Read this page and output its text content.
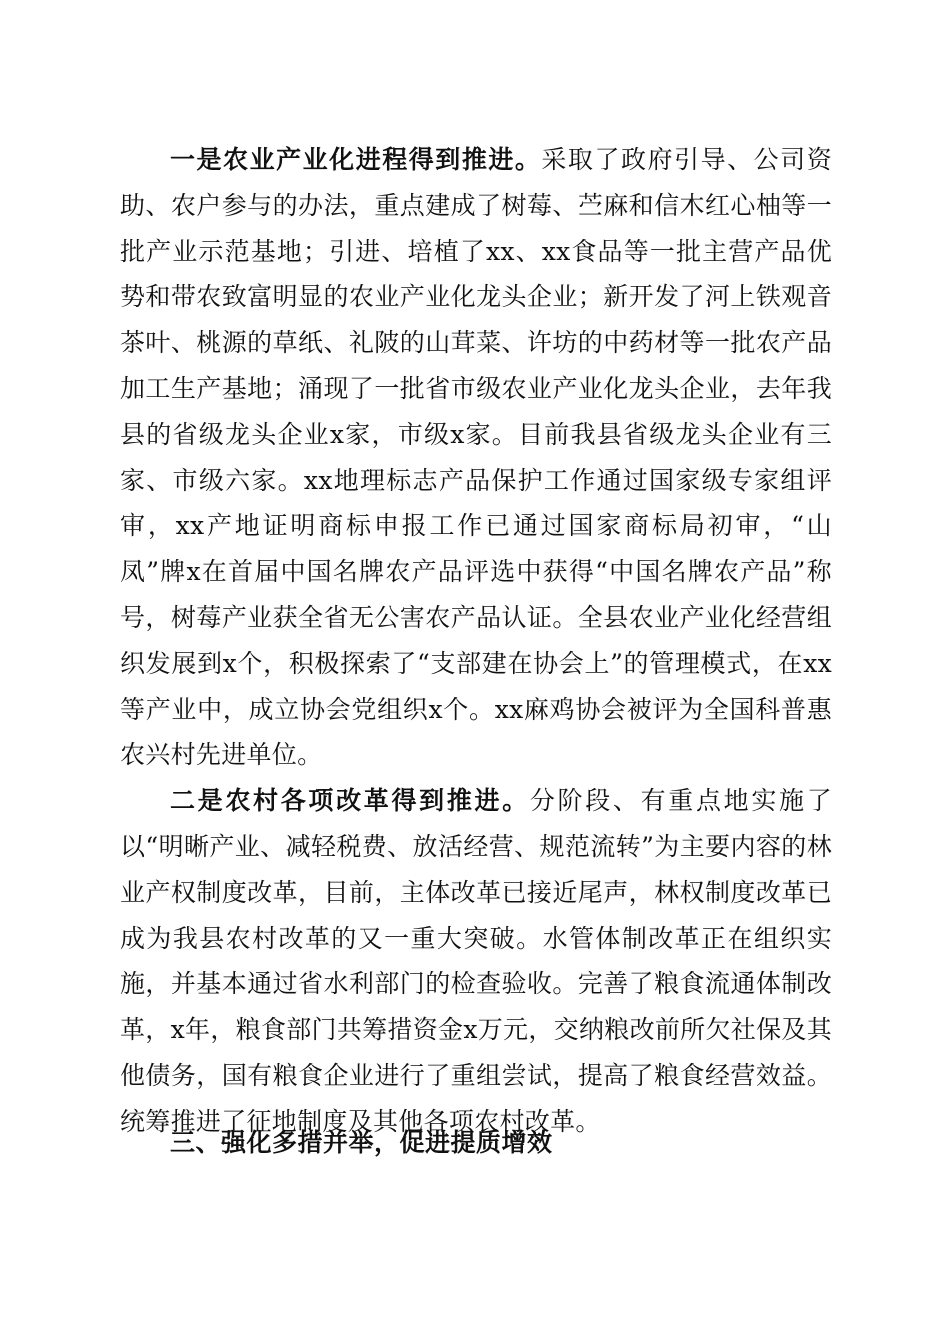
一是农业产业化进程得到推进。采取了政府引导、公司资助、农户参与的办法，重点建成了树莓、苎麻和信木红心柚等一批产业示范基地；引进、培植了xx、xx食品等一批主营产品优势和带农致富明显的农业产业化龙头企业；新开发了河上铁观音茶叶、桃源的草纸、礼陂的山茸菜、许坊的中药材等一批农产品加工生产基地；涌现了一批省市级农业产业化龙头企业，去年我县的省级龙头企业x家，市级x家。目前我县省级龙头企业有三家、市级六家。xx地理标志产品保护工作通过国家级专家组评审，xx产地证明商标申报工作已通过国家商标局初审，“山凤”牌x在首届中国名牌农产品评选中获得“中国名牌农产品”称号，树莓产业获全省无公害农产品认证。全县农业产业化经营组织发展到x个，积极探索了“支部建在协会上”的管理模式，在xx等产业中，成立协会党组织x个。xx麻鸡协会被评为全国科普惠农兴村先进单位。

二是农村各项改革得到推进。分阶段、有重点地实施了以“明晰产业、减轻税费、放活经营、规范流转”为主要内容的林业产权制度改革，目前，主体改革已接近尾声，林权制度改革已成为我县农村改革的又一重大突破。水管体制改革正在组织实施，并基本通过省水利部门的检查验收。完善了粮食流通体制改革，x年，粮食部门共筹措资金x万元，交纳粮改前所欠社保及其他债务，国有粮食企业进行了重组尝试，提高了粮食经营效益。统筹推进了征地制度及其他各项农村改革。

三、强化多措并举，促进提质增效
